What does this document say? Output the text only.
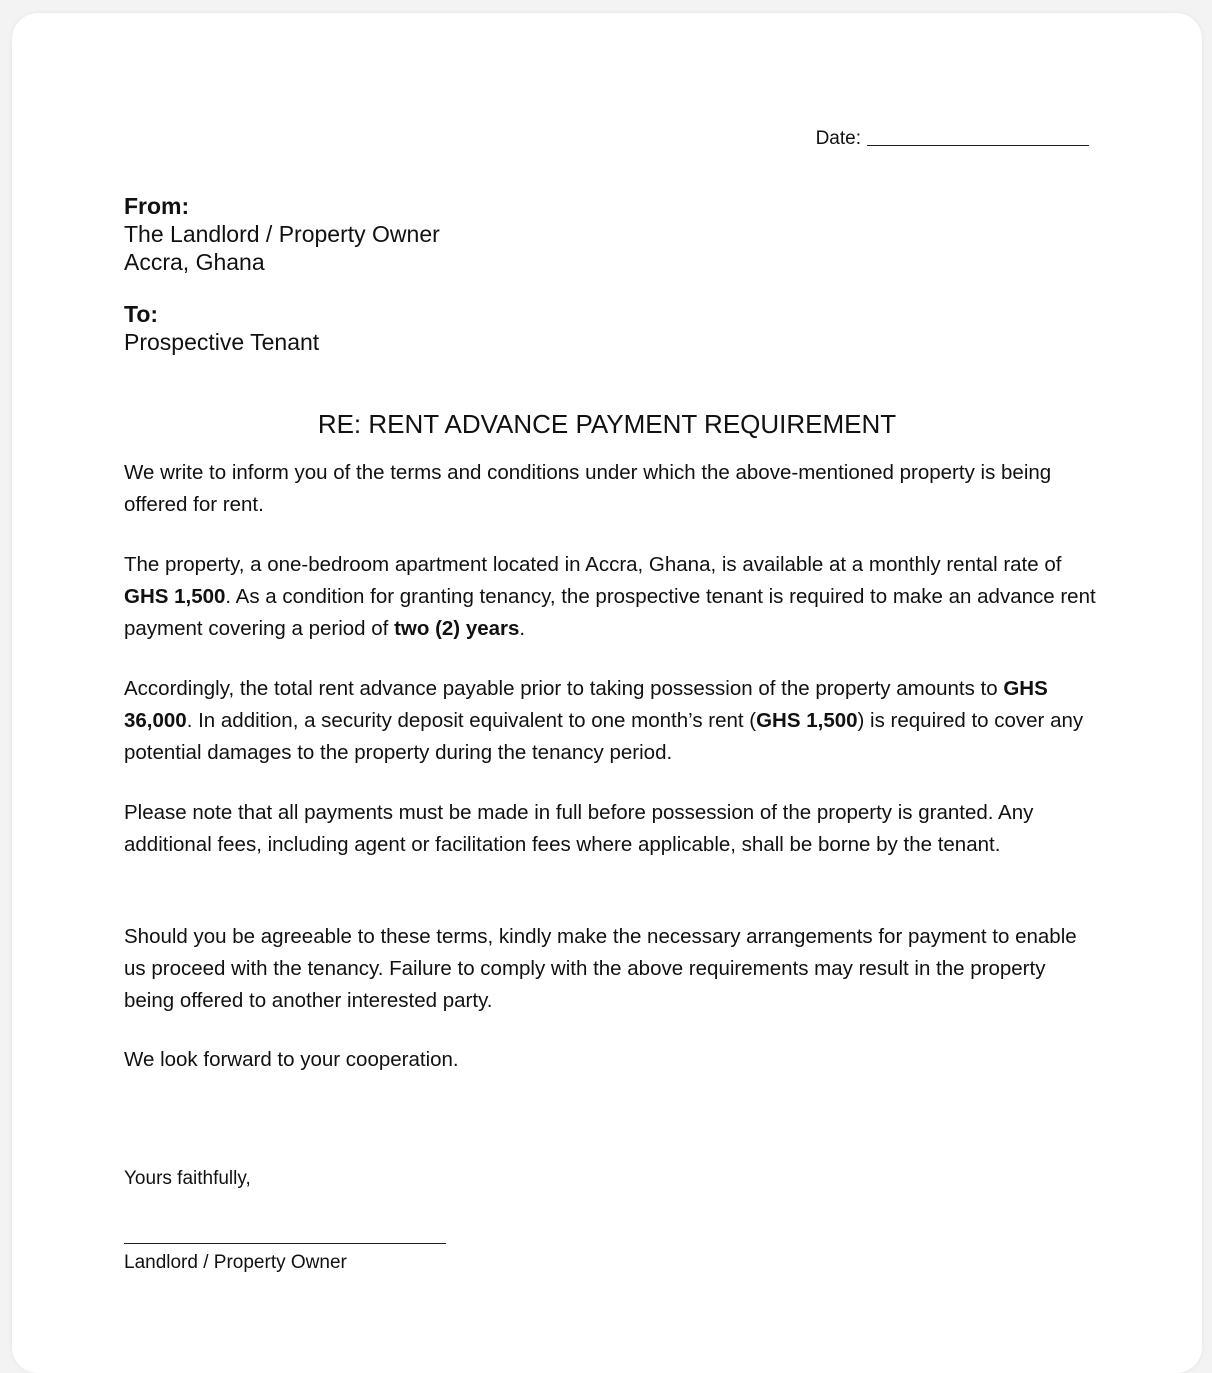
Date:
From:
The Landlord / Property Owner
Accra, Ghana
To:
Prospective Tenant
RE: RENT ADVANCE PAYMENT REQUIREMENT

We write to inform you of the terms and conditions under which the above-mentioned property is being offered for rent.

The property, a one-bedroom apartment located in Accra, Ghana, is available at a monthly rental rate of GHS 1,500. As a condition for granting tenancy, the prospective tenant is required to make an advance rent payment covering a period of two (2) years.

Accordingly, the total rent advance payable prior to taking possession of the property amounts to GHS 36,000. In addition, a security deposit equivalent to one month’s rent (GHS 1,500) is required to cover any potential damages to the property during the tenancy period.

Please note that all payments must be made in full before possession of the property is granted. Any additional fees, including agent or facilitation fees where applicable, shall be borne by the tenant.

Should you be agreeable to these terms, kindly make the necessary arrangements for payment to enable us proceed with the tenancy. Failure to comply with the above requirements may result in the property being offered to another interested party.

We look forward to your cooperation.

Yours faithfully,
Landlord / Property Owner
